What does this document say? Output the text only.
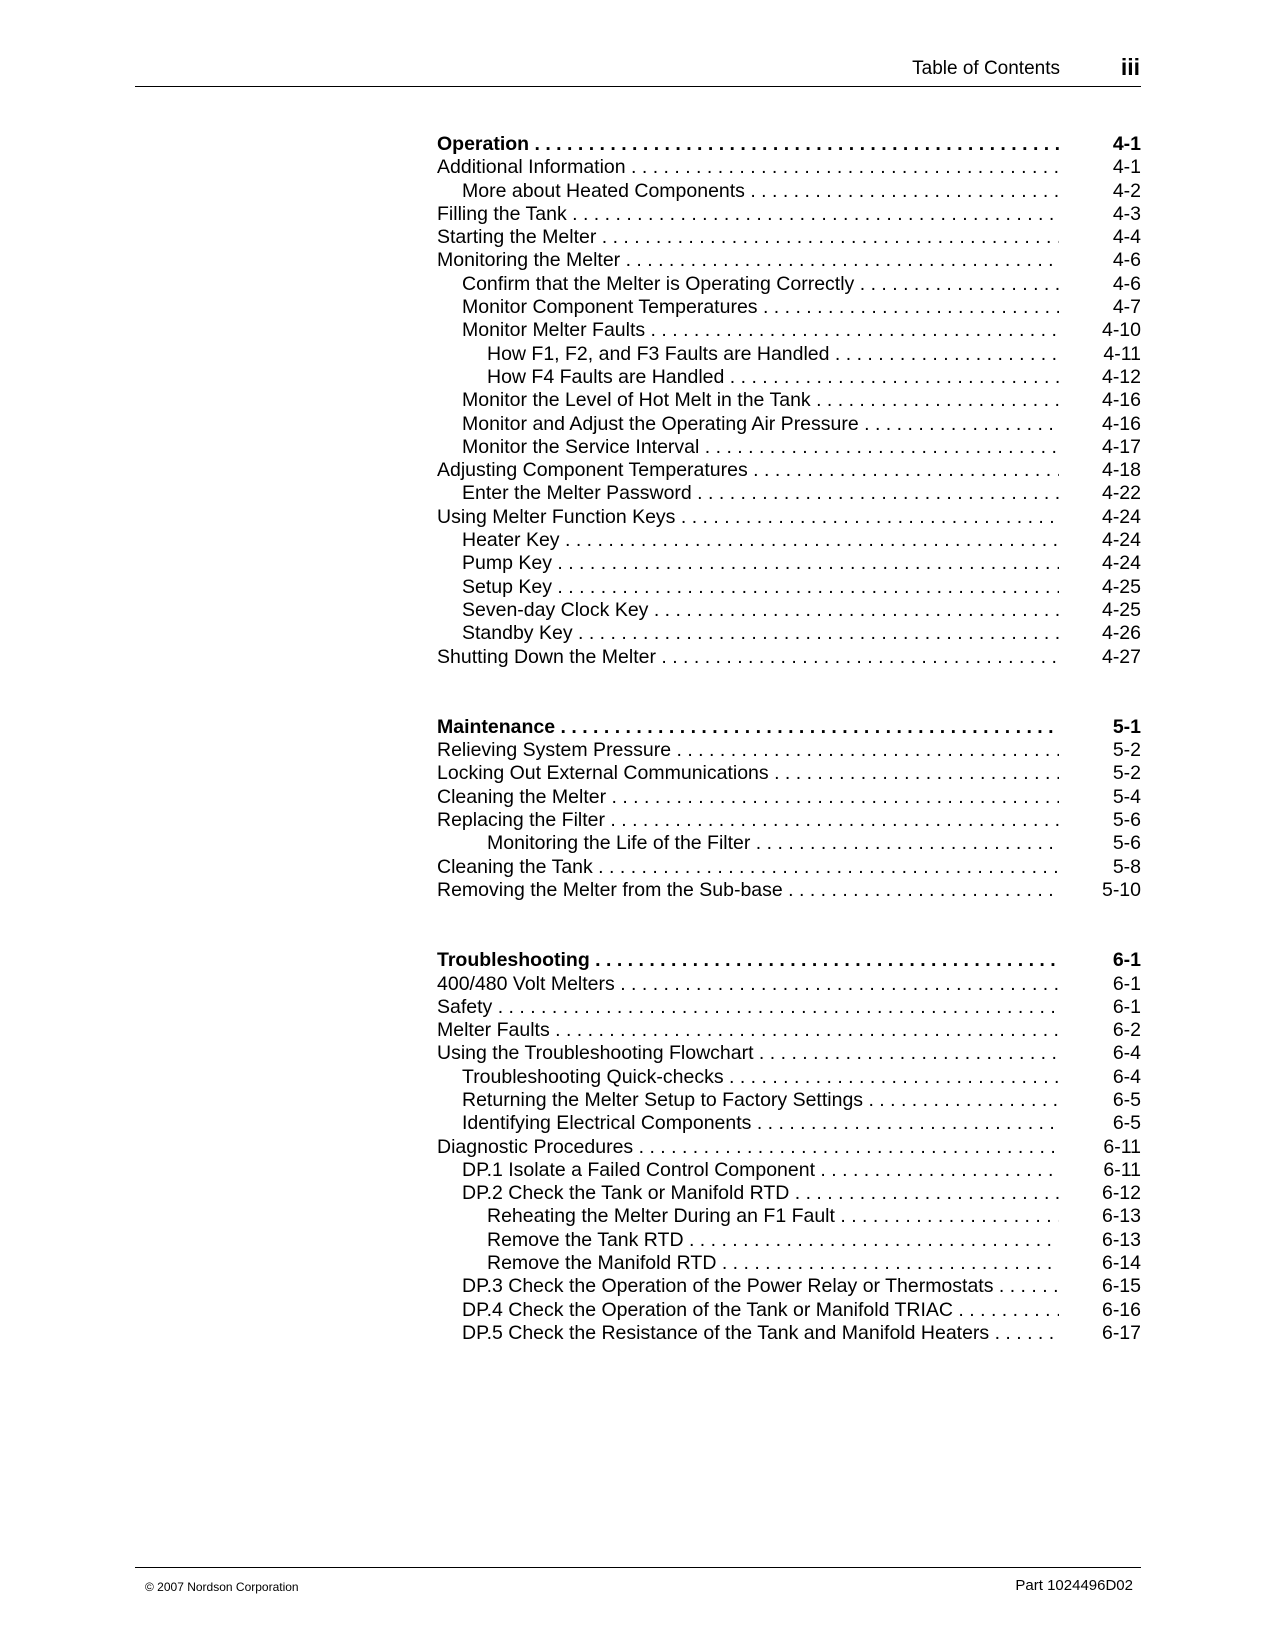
Table of Contents	iii
Operation . . .	4-1
Additional Information . . .	4-1
More about Heated Components . . .	4-2
Filling the Tank . . .	4-3
Starting the Melter . . .	4-4
Monitoring the Melter . . .	4-6
Confirm that the Melter is Operating Correctly . . .	4-6
Monitor Component Temperatures . . .	4-7
Monitor Melter Faults . . .	4-10
How F1, F2, and F3 Faults are Handled . . .	4-11
How F4 Faults are Handled . . .	4-12
Monitor the Level of Hot Melt in the Tank . . .	4-16
Monitor and Adjust the Operating Air Pressure . . .	4-16
Monitor the Service Interval . . .	4-17
Adjusting Component Temperatures . . .	4-18
Enter the Melter Password . . .	4-22
Using Melter Function Keys . . .	4-24
Heater Key . . .	4-24
Pump Key . . .	4-24
Setup Key . . .	4-25
Seven-day Clock Key . . .	4-25
Standby Key . . .	4-26
Shutting Down the Melter . . .	4-27
Maintenance . . .	5-1
Relieving System Pressure . . .	5-2
Locking Out External Communications . . .	5-2
Cleaning the Melter . . .	5-4
Replacing the Filter . . .	5-6
Monitoring the Life of the Filter . . .	5-6
Cleaning the Tank . . .	5-8
Removing the Melter from the Sub-base . . .	5-10
Troubleshooting . . .	6-1
400/480 Volt Melters . . .	6-1
Safety . . .	6-1
Melter Faults . . .	6-2
Using the Troubleshooting Flowchart . . .	6-4
Troubleshooting Quick-checks . . .	6-4
Returning the Melter Setup to Factory Settings . . .	6-5
Identifying Electrical Components . . .	6-5
Diagnostic Procedures . . .	6-11
DP.1 Isolate a Failed Control Component . . .	6-11
DP.2 Check the Tank or Manifold RTD . . .	6-12
Reheating the Melter During an F1 Fault . . .	6-13
Remove the Tank RTD . . .	6-13
Remove the Manifold RTD . . .	6-14
DP.3 Check the Operation of the Power Relay or Thermostats . . .	6-15
DP.4 Check the Operation of the Tank or Manifold TRIAC . . .	6-16
DP.5 Check the Resistance of the Tank and Manifold Heaters . . .	6-17
© 2007 Nordson Corporation	Part 1024496D02
